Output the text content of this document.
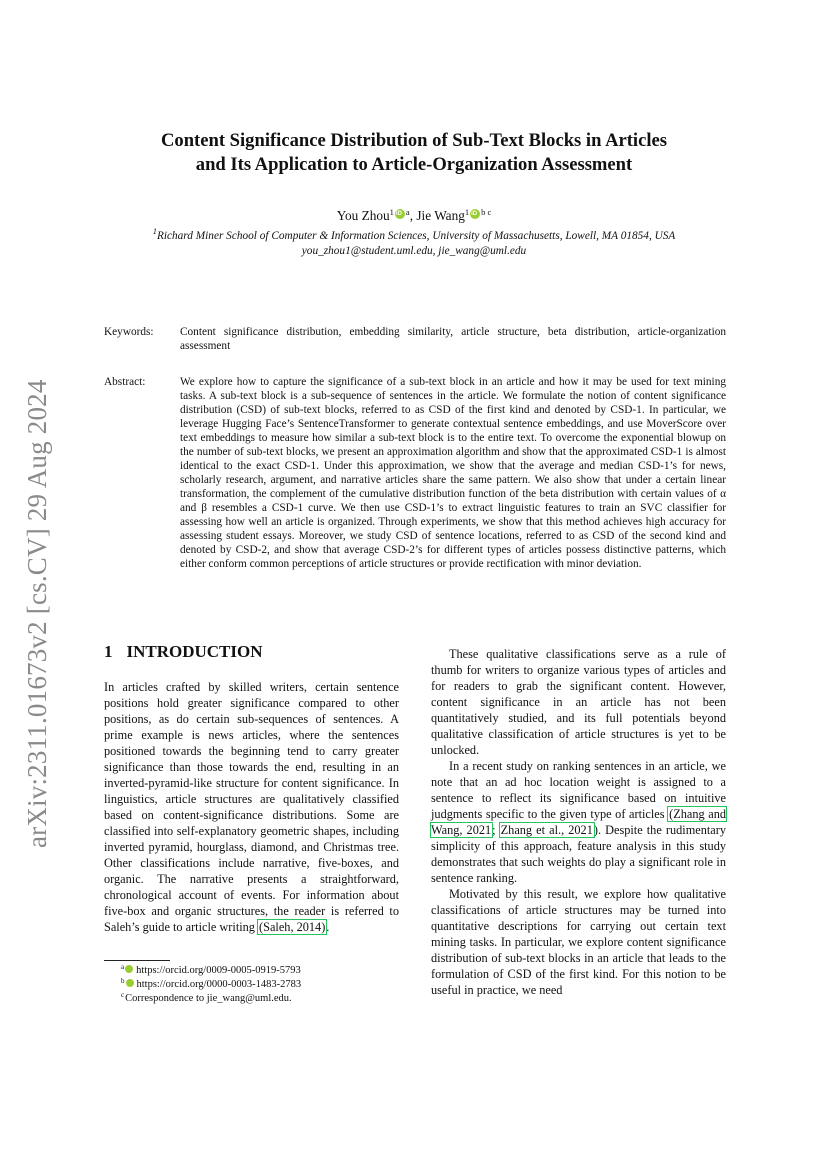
arXiv:2311.01673v2 [cs.CV] 29 Aug 2024
Content Significance Distribution of Sub-Text Blocks in Articles
and Its Application to Article-Organization Assessment
You Zhou$^1$ iD $^a$, Jie Wang$^1$ iD $^{b c}$
$^1$Richard Miner School of Computer & Information Sciences, University of Massachusetts, Lowell, MA 01854, USA
you_zhou1@student.uml.edu, jie_wang@uml.edu
Keywords: Content significance distribution, embedding similarity, article structure, beta distribution, article-organization assessment
Abstract:	We explore how to capture the significance of a sub-text block in an article and how it may be used for text mining tasks. A sub-text block is a sub-sequence of sentences in the article. We formulate the notion of content significance distribution (CSD) of sub-text blocks, referred to as CSD of the first kind and denoted by CSD-1. In particular, we leverage Hugging Face’s SentenceTransformer to generate contextual sentence embeddings, and use MoverScore over text embeddings to measure how similar a sub-text block is to the entire text. To overcome the exponential blowup on the number of sub-text blocks, we present an approximation algorithm and show that the approximated CSD-1 is almost identical to the exact CSD-1. Under this approximation, we show that the average and median CSD-1’s for news, scholarly research, argument, and narrative articles share the same pattern. We also show that under a certain linear transformation, the complement of the cumulative distribution function of the beta distribution with certain values of α and β resembles a CSD-1 curve. We then use CSD-1’s to extract linguistic features to train an SVC classifier for assessing how well an article is organized. Through experiments, we show that this method achieves high accuracy for assessing student essays. Moreover, we study CSD of sentence locations, referred to as CSD of the second kind and denoted by CSD-2, and show that average CSD-2’s for different types of articles possess distinctive patterns, which either conform common perceptions of article structures or provide rectification with minor deviation.
1 INTRODUCTION

In articles crafted by skilled writers, certain sentence positions hold greater significance compared to other positions, as do certain sub-sequences of sentences. A prime example is news articles, where the sentences positioned towards the beginning tend to carry greater significance than those towards the end, resulting in an inverted-pyramid-like structure for content significance. In linguistics, article structures are qualitatively classified based on content-significance distributions. Some are classified into self-explanatory geometric shapes, including inverted pyramid, hourglass, diamond, and Christmas tree. Other classifications include narrative, five-boxes, and organic. The narrative presents a straightforward, chronological account of events. For information about five-box and organic structures, the reader is referred to Saleh’s guide to article writing (Saleh, 2014).

$^a$ https://orcid.org/0009-0005-0919-5793
$^b$ https://orcid.org/0000-0003-1483-2783
$^c$Correspondence to jie_wang@uml.edu.

These qualitative classifications serve as a rule of thumb for writers to organize various types of articles and for readers to grab the significant content. However, content significance in an article has not been quantitatively studied, and its full potentials beyond qualitative classification of article structures is yet to be unlocked.

In a recent study on ranking sentences in an article, we note that an ad hoc location weight is assigned to a sentence to reflect its significance based on intuitive judgments specific to the given type of articles (Zhang and Wang, 2021; Zhang et al., 2021). Despite the rudimentary simplicity of this approach, feature analysis in this study demonstrates that such weights do play a significant role in sentence ranking.

Motivated by this result, we explore how qualitative classifications of article structures may be turned into quantitative descriptions for carrying out certain text mining tasks. In particular, we explore content significance distribution of sub-text blocks in an article that leads to the formulation of CSD of the first kind. For this notion to be useful in practice, we need
